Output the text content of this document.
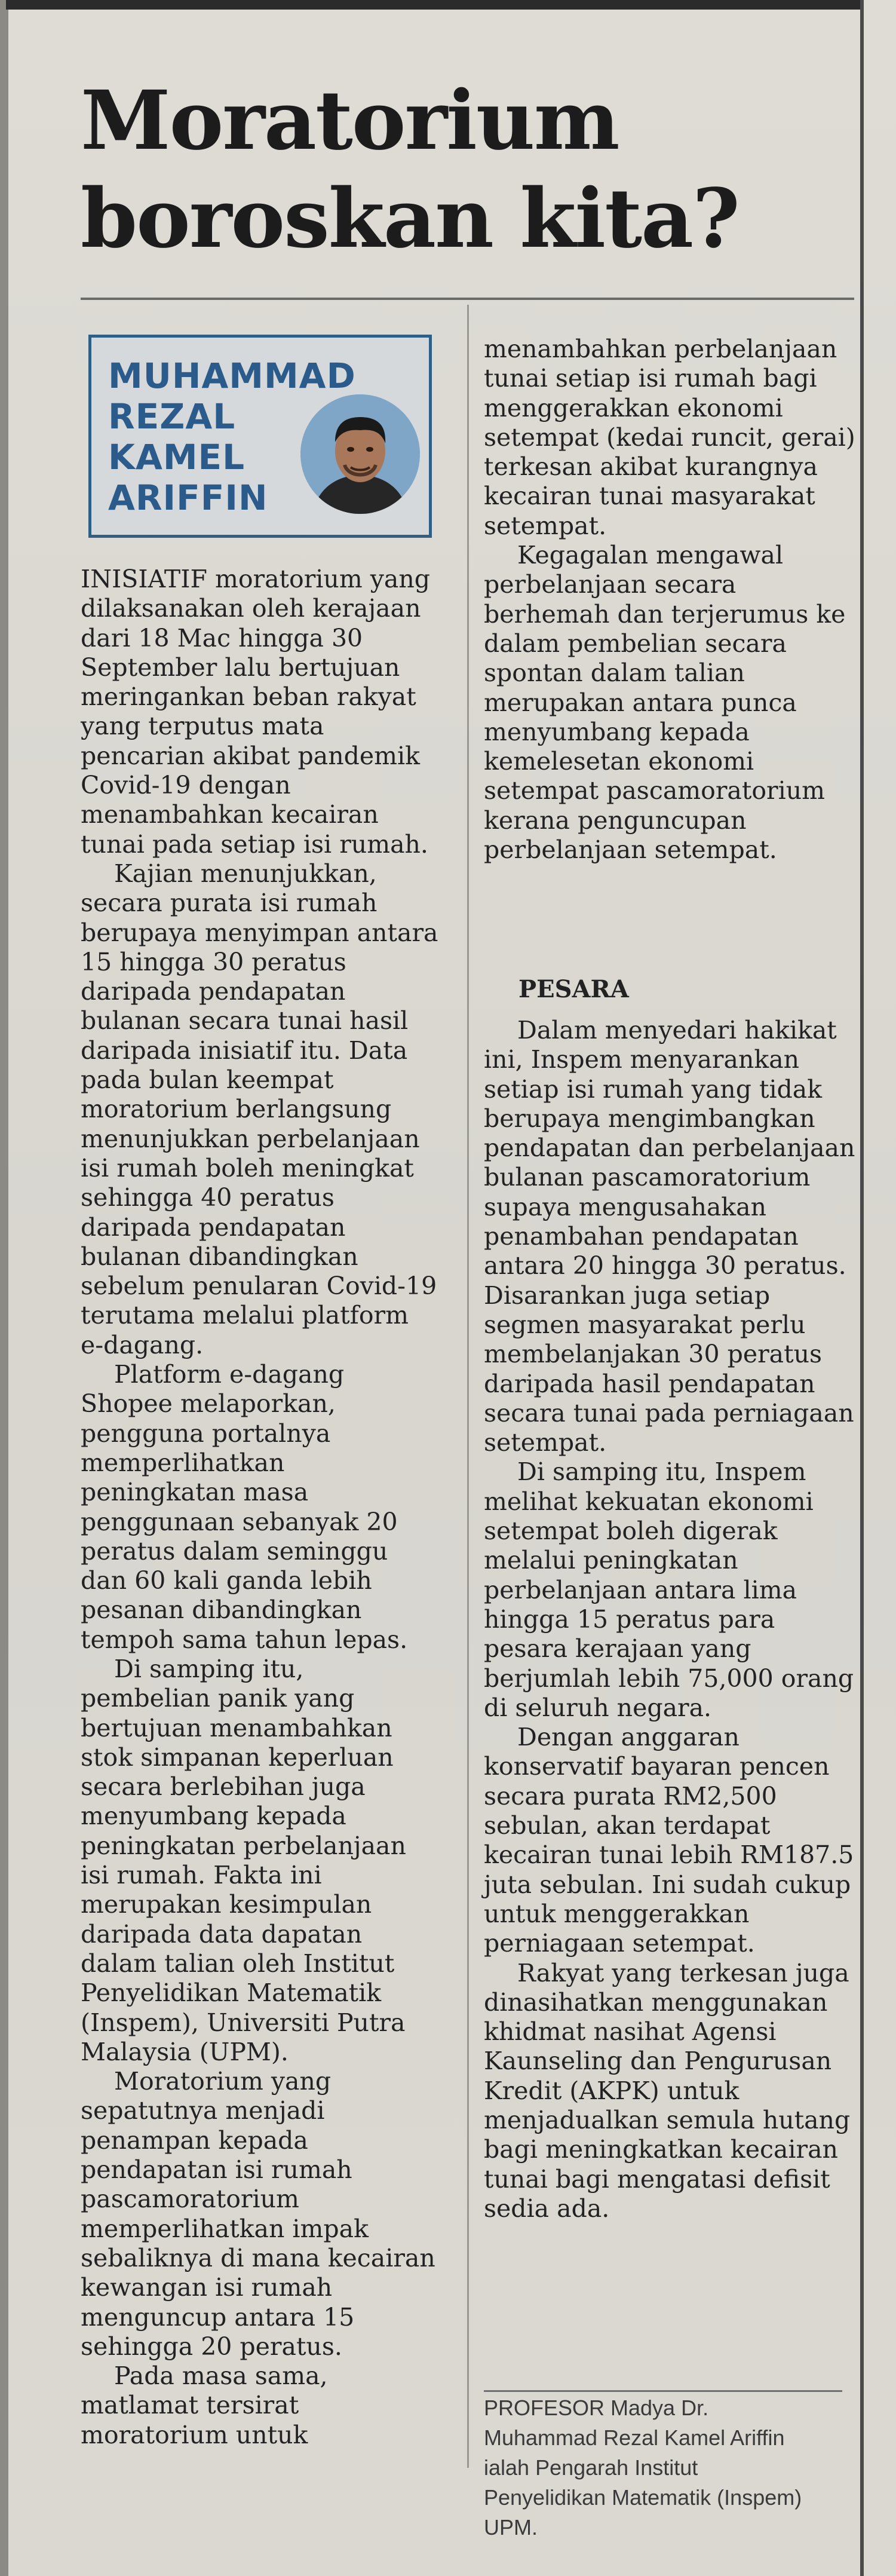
Moratorium boroskan kita?
MUHAMMAD REZAL KAMEL ARIFFIN

INISIATIF moratorium yang dilaksanakan oleh kerajaan dari 18 Mac hingga 30 September lalu bertujuan meringankan beban rakyat yang terputus mata pencarian akibat pandemik Covid-19 dengan menambahkan kecairan tunai pada setiap isi rumah.

Kajian menunjukkan, secara purata isi rumah berupaya menyimpan antara 15 hingga 30 peratus daripada pendapatan bulanan secara tunai hasil daripada inisiatif itu. Data pada bulan keempat moratorium berlangsung menunjukkan perbelanjaan isi rumah boleh meningkat sehingga 40 peratus daripada pendapatan bulanan dibandingkan sebelum penularan Covid-19 terutama melalui platform e-dagang.

Platform e-dagang Shopee melaporkan, pengguna portalnya memperlihatkan peningkatan masa penggunaan sebanyak 20 peratus dalam seminggu dan 60 kali ganda lebih pesanan dibandingkan tempoh sama tahun lepas.

Di samping itu, pembelian panik yang bertujuan menambahkan stok simpanan keperluan secara berlebihan juga menyumbang kepada peningkatan perbelanjaan isi rumah. Fakta ini merupakan kesimpulan daripada data dapatan dalam talian oleh Institut Penyelidikan Matematik (Inspem), Universiti Putra Malaysia (UPM).

Moratorium yang sepatutnya menjadi penampan kepada pendapatan isi rumah pascamoratorium memperlihatkan impak sebaliknya di mana kecairan kewangan isi rumah menguncup antara 15 sehingga 20 peratus.

Pada masa sama, matlamat tersirat moratorium untuk

menambahkan perbelanjaan tunai setiap isi rumah bagi menggerakkan ekonomi setempat (kedai runcit, gerai) terkesan akibat kurangnya kecairan tunai masyarakat setempat.

Kegagalan mengawal perbelanjaan secara berhemah dan terjerumus ke dalam pembelian secara spontan dalam talian merupakan antara punca menyumbang kepada kemelesetan ekonomi setempat pascamoratorium kerana penguncupan perbelanjaan setempat.

PESARA

Dalam menyedari hakikat ini, Inspem menyarankan setiap isi rumah yang tidak berupaya mengimbangkan pendapatan dan perbelanjaan bulanan pascamoratorium supaya mengusahakan penambahan pendapatan antara 20 hingga 30 peratus. Disarankan juga setiap segmen masyarakat perlu membelanjakan 30 peratus daripada hasil pendapatan secara tunai pada perniagaan setempat.

Di samping itu, Inspem melihat kekuatan ekonomi setempat boleh digerak melalui peningkatan perbelanjaan antara lima hingga 15 peratus para pesara kerajaan yang berjumlah lebih 75,000 orang di seluruh negara.

Dengan anggaran konservatif bayaran pencen secara purata RM2,500 sebulan, akan terdapat kecairan tunai lebih RM187.5 juta sebulan. Ini sudah cukup untuk menggerakkan perniagaan setempat.

Rakyat yang terkesan juga dinasihatkan menggunakan khidmat nasihat Agensi Kaunseling dan Pengurusan Kredit (AKPK) untuk menjadualkan semula hutang bagi meningkatkan kecairan tunai bagi mengatasi defisit sedia ada.

PROFESOR Madya Dr. Muhammad Rezal Kamel Ariffin ialah Pengarah Institut Penyelidikan Matematik (Inspem) UPM.
